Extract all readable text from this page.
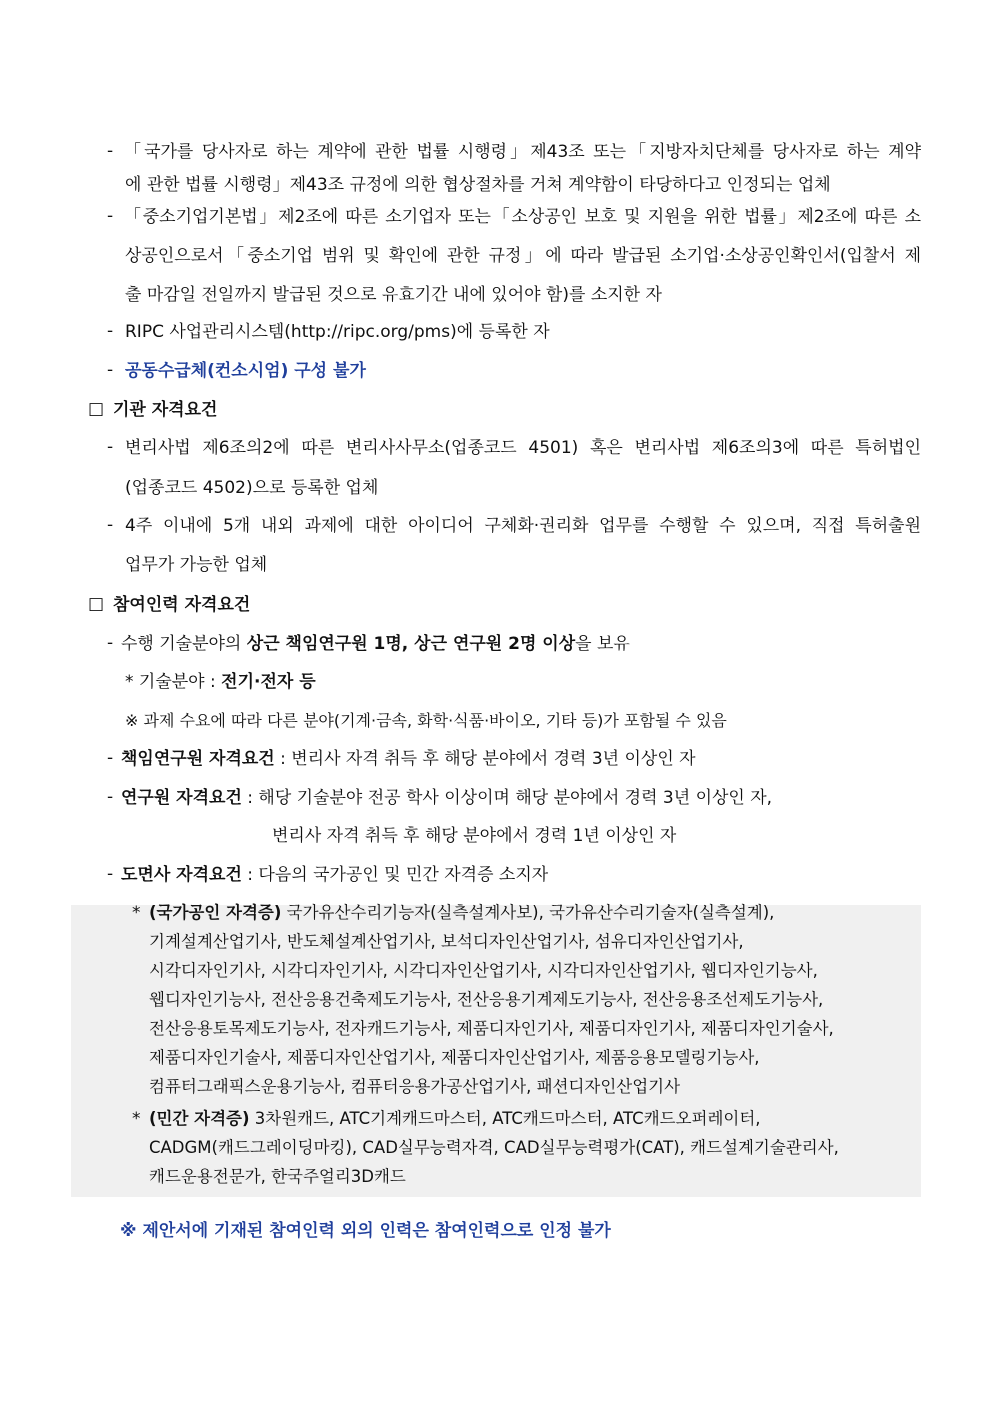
- 「국가를 당사자로 하는 계약에 관한 법률 시행령」제43조 또는「지방자치단체를 당사자로 하는 계약
에 관한 법률 시행령」제43조 규정에 의한 협상절차를 거쳐 계약함이 타당하다고 인정되는 업체
- 「중소기업기본법」제2조에 따른 소기업자 또는「소상공인 보호 및 지원을 위한 법률」제2조에 따른 소
상공인으로서「중소기업 범위 및 확인에 관한 규정」에 따라 발급된 소기업·소상공인확인서(입찰서 제
출 마감일 전일까지 발급된 것으로 유효기간 내에 있어야 함)를 소지한 자
- RIPC 사업관리시스템(http://ripc.org/pms)에 등록한 자
- 공동수급체(컨소시엄) 구성 불가
□ 기관 자격요건
- 변리사법 제6조의2에 따른 변리사사무소(업종코드 4501) 혹은 변리사법 제6조의3에 따른 특허법인
(업종코드 4502)으로 등록한 업체
- 4주 이내에 5개 내외 과제에 대한 아이디어 구체화·권리화 업무를 수행할 수 있으며, 직접 특허출원
업무가 가능한 업체
□ 참여인력 자격요건
- 수행 기술분야의 상근 책임연구원 1명, 상근 연구원 2명 이상을 보유
* 기술분야 : 전기·전자 등
※ 과제 수요에 따라 다른 분야(기계·금속, 화학·식품·바이오, 기타 등)가 포함될 수 있음
- 책임연구원 자격요건 : 변리사 자격 취득 후 해당 분야에서 경력 3년 이상인 자
- 연구원 자격요건 : 해당 기술분야 전공 학사 이상이며 해당 분야에서 경력 3년 이상인 자,
변리사 자격 취득 후 해당 분야에서 경력 1년 이상인 자
- 도면사 자격요건 : 다음의 국가공인 및 민간 자격증 소지자
* (국가공인 자격증) 국가유산수리기능자(실측설계사보), 국가유산수리기술자(실측설계),
기계설계산업기사, 반도체설계산업기사, 보석디자인산업기사, 섬유디자인산업기사,
시각디자인기사, 시각디자인기사, 시각디자인산업기사, 시각디자인산업기사, 웹디자인기능사,
웹디자인기능사, 전산응용건축제도기능사, 전산응용기계제도기능사, 전산응용조선제도기능사,
전산응용토목제도기능사, 전자캐드기능사, 제품디자인기사, 제품디자인기사, 제품디자인기술사,
제품디자인기술사, 제품디자인산업기사, 제품디자인산업기사, 제품응용모델링기능사,
컴퓨터그래픽스운용기능사, 컴퓨터응용가공산업기사, 패션디자인산업기사
* (민간 자격증) 3차원캐드, ATC기계캐드마스터, ATC캐드마스터, ATC캐드오퍼레이터,
CADGM(캐드그레이딩마킹), CAD실무능력자격, CAD실무능력평가(CAT), 캐드설계기술관리사,
캐드운용전문가, 한국주얼리3D캐드
※ 제안서에 기재된 참여인력 외의 인력은 참여인력으로 인정 불가
